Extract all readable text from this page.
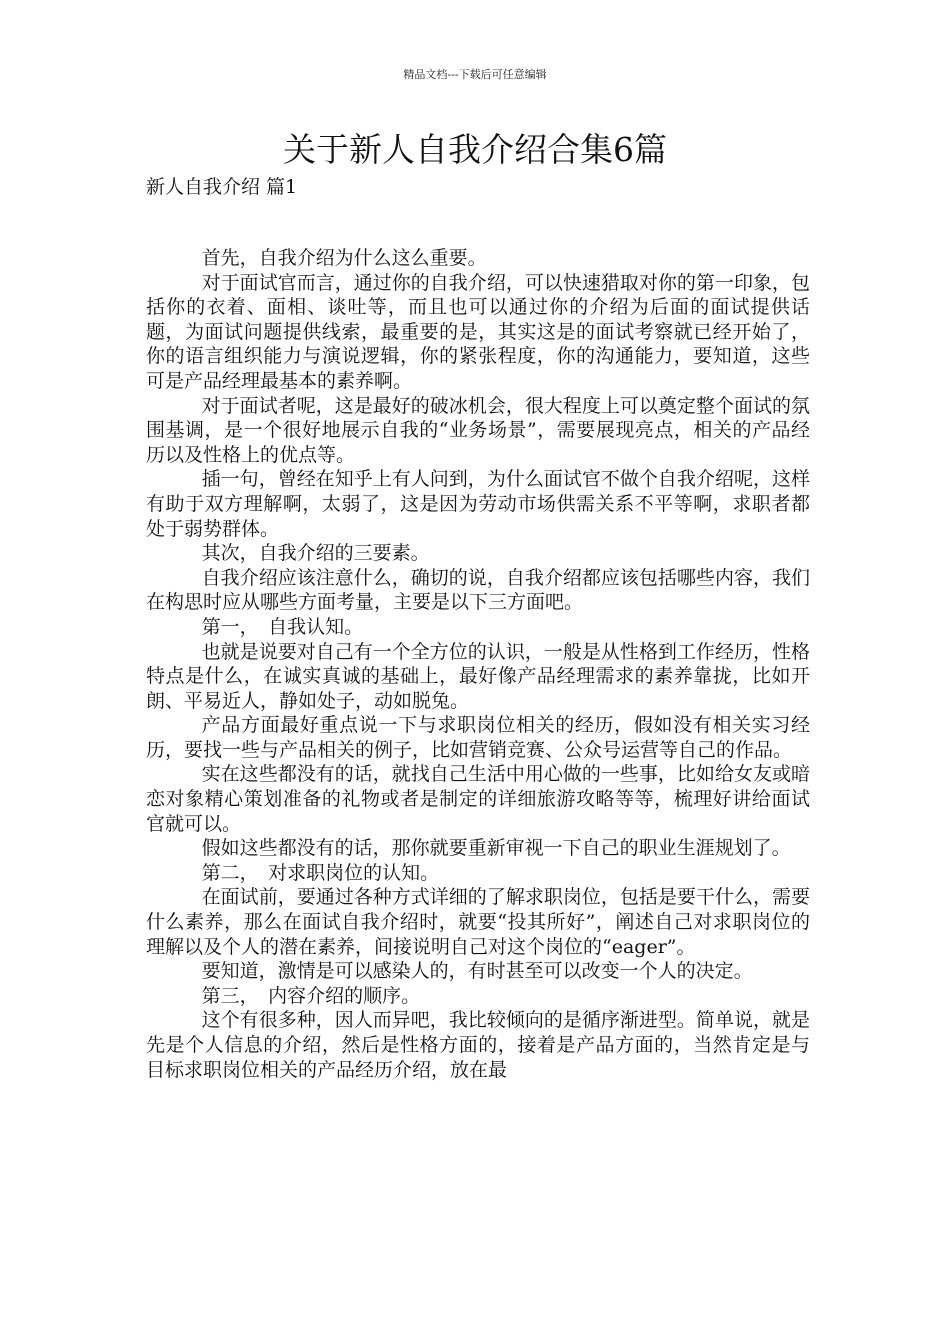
精品文档---下载后可任意编辑
关于新人自我介绍合集6篇
新人自我介绍 篇1

首先，自我介绍为什么这么重要。

对于面试官而言，通过你的自我介绍，可以快速猎取对你的第一印象，包括你的衣着、面相、谈吐等，而且也可以通过你的介绍为后面的面试提供话题，为面试问题提供线索，最重要的是，其实这是的面试考察就已经开始了，你的语言组织能力与演说逻辑，你的紧张程度，你的沟通能力，要知道，这些可是产品经理最基本的素养啊。

对于面试者呢，这是最好的破冰机会，很大程度上可以奠定整个面试的氛围基调，是一个很好地展示自我的“业务场景”，需要展现亮点，相关的产品经历以及性格上的优点等。

插一句，曾经在知乎上有人问到，为什么面试官不做个自我介绍呢，这样有助于双方理解啊，太弱了，这是因为劳动市场供需关系不平等啊，求职者都处于弱势群体。

其次，自我介绍的三要素。

自我介绍应该注意什么，确切的说，自我介绍都应该包括哪些内容，我们在构思时应从哪些方面考量，主要是以下三方面吧。

第一，　自我认知。

也就是说要对自己有一个全方位的认识，一般是从性格到工作经历，性格特点是什么，在诚实真诚的基础上，最好像产品经理需求的素养靠拢，比如开朗、平易近人，静如处子，动如脱兔。

产品方面最好重点说一下与求职岗位相关的经历，假如没有相关实习经历，要找一些与产品相关的例子，比如营销竞赛、公众号运营等自己的作品。

实在这些都没有的话，就找自己生活中用心做的一些事，比如给女友或暗恋对象精心策划准备的礼物或者是制定的详细旅游攻略等等，梳理好讲给面试官就可以。

假如这些都没有的话，那你就要重新审视一下自己的职业生涯规划了。

第二，　对求职岗位的认知。

在面试前，要通过各种方式详细的了解求职岗位，包括是要干什么，需要什么素养，那么在面试自我介绍时，就要“投其所好”，阐述自己对求职岗位的理解以及个人的潜在素养，间接说明自己对这个岗位的“eager”。

要知道，激情是可以感染人的，有时甚至可以改变一个人的决定。

第三，　内容介绍的顺序。

这个有很多种，因人而异吧，我比较倾向的是循序渐进型。简单说，就是先是个人信息的介绍，然后是性格方面的，接着是产品方面的，当然肯定是与目标求职岗位相关的产品经历介绍，放在最
